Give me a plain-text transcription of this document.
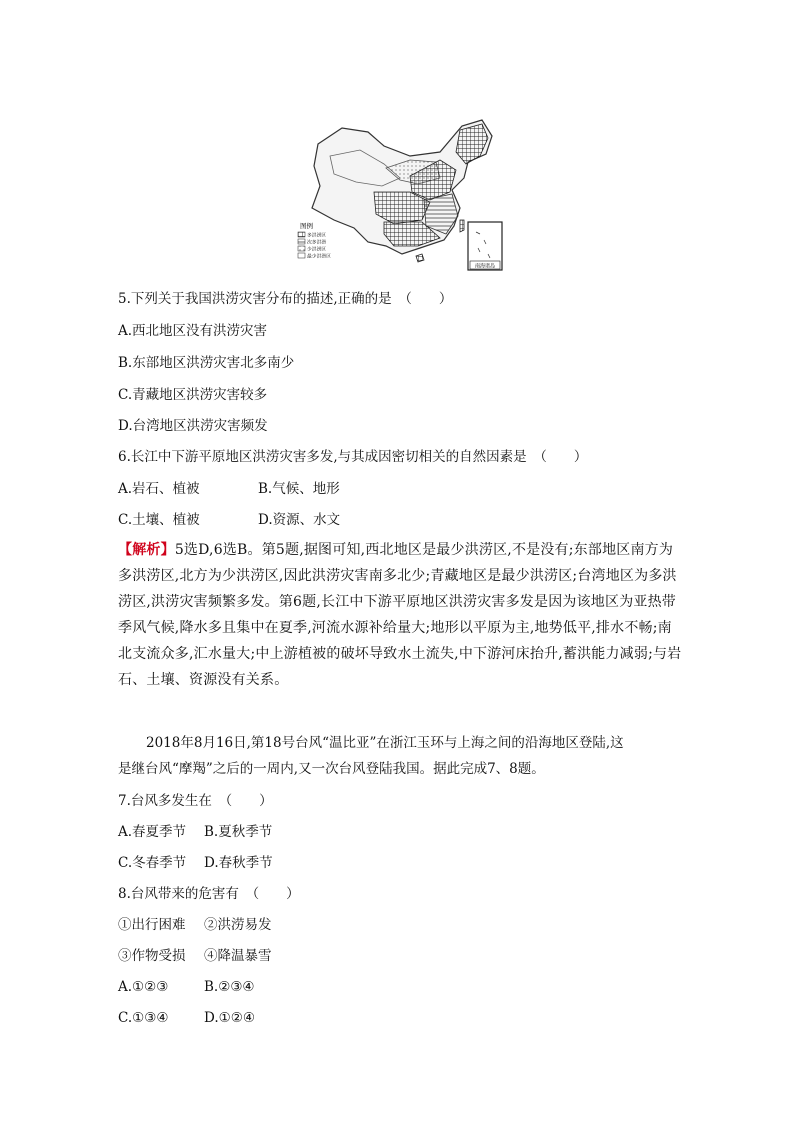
图例
多洪涝区
次多洪涝
少洪涝区
最少洪涝区
南海诸岛
5.下列关于我国洪涝灾害分布的描述,正确的是　（　　）
A.西北地区没有洪涝灾害
B.东部地区洪涝灾害北多南少
C.青藏地区洪涝灾害较多
D.台湾地区洪涝灾害频发
6.长江中下游平原地区洪涝灾害多发,与其成因密切相关的自然因素是　（　　）
A.岩石、植被	B.气候、地形
C.土壤、植被	D.资源、水文
【解析】5选D,6选B。第5题,据图可知,西北地区是最少洪涝区,不是没有;东部地区南方为多洪涝区,北方为少洪涝区,因此洪涝灾害南多北少;青藏地区是最少洪涝区;台湾地区为多洪涝区,洪涝灾害频繁多发。第6题,长江中下游平原地区洪涝灾害多发是因为该地区为亚热带季风气候,降水多且集中在夏季,河流水源补给量大;地形以平原为主,地势低平,排水不畅;南北支流众多,汇水量大;中上游植被的破坏导致水土流失,中下游河床抬升,蓄洪能力减弱;与岩石、土壤、资源没有关系。
2018年8月16日,第18号台风“温比亚”在浙江玉环与上海之间的沿海地区登陆,这
是继台风“摩羯”之后的一周内,又一次台风登陆我国。据此完成7、8题。
7.台风多发生在　（　　）
A.春夏季节 B.夏秋季节
C.冬春季节 D.春秋季节
8.台风带来的危害有　（　　）
①出行困难 ②洪涝易发
③作物受损 ④降温暴雪
A.①②③	B.②③④
C.①③④	D.①②④
